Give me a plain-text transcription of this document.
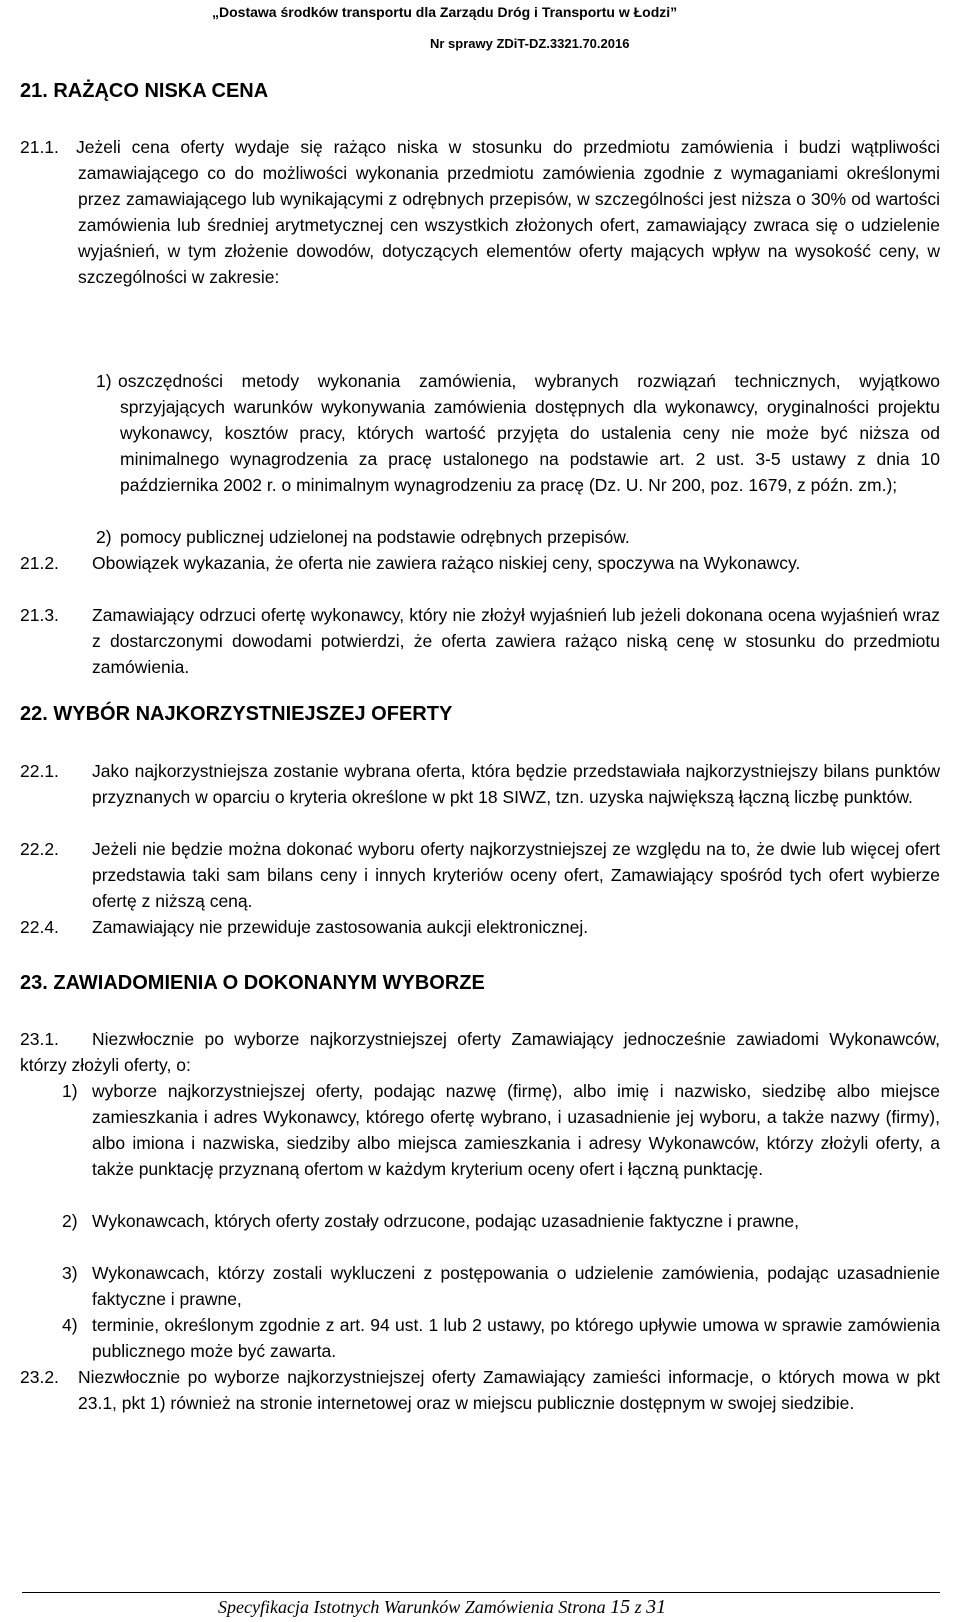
„Dostawa środków transportu dla Zarządu Dróg i Transportu w Łodzi”
Nr sprawy ZDiT-DZ.3321.70.2016
21. RAŻĄCO NISKA CENA
21.1. Jeżeli cena oferty wydaje się rażąco niska w stosunku do przedmiotu zamówienia i budzi wątpliwości zamawiającego co do możliwości wykonania przedmiotu zamówienia zgodnie z wymaganiami określonymi przez zamawiającego lub wynikającymi z odrębnych przepisów, w szczególności jest niższa o 30% od wartości zamówienia lub średniej arytmetycznej cen wszystkich złożonych ofert, zamawiający zwraca się o udzielenie wyjaśnień, w tym złożenie dowodów, dotyczących elementów oferty mających wpływ na wysokość ceny, w szczególności w zakresie:
1) oszczędności metody wykonania zamówienia, wybranych rozwiązań technicznych, wyjątkowo sprzyjających warunków wykonywania zamówienia dostępnych dla wykonawcy, oryginalności projektu wykonawcy, kosztów pracy, których wartość przyjęta do ustalenia ceny nie może być niższa od minimalnego wynagrodzenia za pracę ustalonego na podstawie art. 2 ust. 3-5 ustawy z dnia 10 października 2002 r. o minimalnym wynagrodzeniu za pracę (Dz. U. Nr 200, poz. 1679, z późn. zm.);
2) pomocy publicznej udzielonej na podstawie odrębnych przepisów.
21.2. Obowiązek wykazania, że oferta nie zawiera rażąco niskiej ceny, spoczywa na Wykonawcy.
21.3. Zamawiający odrzuci ofertę wykonawcy, który nie złożył wyjaśnień lub jeżeli dokonana ocena wyjaśnień wraz z dostarczonymi dowodami potwierdzi, że oferta zawiera rażąco niską cenę w stosunku do przedmiotu zamówienia.
22. WYBÓR NAJKORZYSTNIEJSZEJ OFERTY
22.1. Jako najkorzystniejsza zostanie wybrana oferta, która będzie przedstawiała najkorzystniejszy bilans punktów przyznanych w oparciu o kryteria określone w pkt 18 SIWZ, tzn. uzyska największą łączną liczbę punktów.
22.2. Jeżeli nie będzie można dokonać wyboru oferty najkorzystniejszej ze względu na to, że dwie lub więcej ofert przedstawia taki sam bilans ceny i innych kryteriów oceny ofert, Zamawiający spośród tych ofert wybierze ofertę z niższą ceną.
22.4. Zamawiający nie przewiduje zastosowania aukcji elektronicznej.
23. ZAWIADOMIENIA O DOKONANYM WYBORZE
23.1.	Niezwłocznie po wyborze najkorzystniejszej oferty Zamawiający jednocześnie zawiadomi Wykonawców, którzy złożyli oferty, o:
1) wyborze najkorzystniejszej oferty, podając nazwę (firmę), albo imię i nazwisko, siedzibę albo miejsce zamieszkania i adres Wykonawcy, którego ofertę wybrano, i uzasadnienie jej wyboru, a także nazwy (firmy), albo imiona i nazwiska, siedziby albo miejsca zamieszkania i adresy Wykonawców, którzy złożyli oferty, a także punktację przyznaną ofertom w każdym kryterium oceny ofert i łączną punktację.
2) Wykonawcach, których oferty zostały odrzucone, podając uzasadnienie faktyczne i prawne,
3) Wykonawcach, którzy zostali wykluczeni z postępowania o udzielenie zamówienia, podając uzasadnienie faktyczne i prawne,
4) terminie, określonym zgodnie z art. 94 ust. 1 lub 2 ustawy, po którego upływie umowa w sprawie zamówienia publicznego może być zawarta.
23.2. Niezwłocznie po wyborze najkorzystniejszej oferty Zamawiający zamieści informacje, o których mowa w pkt 23.1, pkt 1) również na stronie internetowej oraz w miejscu publicznie dostępnym w swojej siedzibie.
Specyfikacja Istotnych Warunków Zamówienia Strona 15 z 31
